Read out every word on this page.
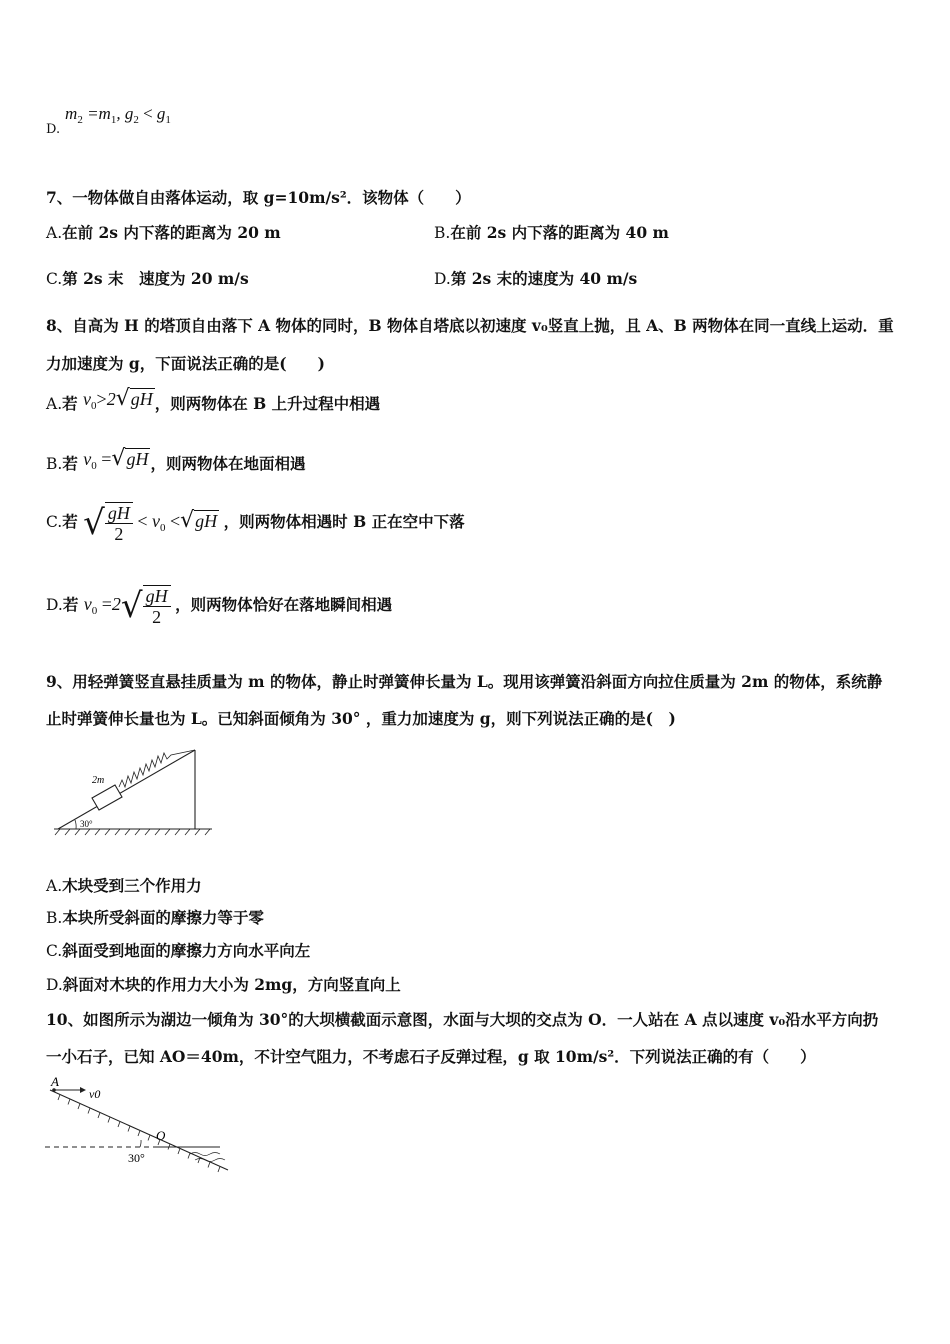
$_{D.}$ $m_2 =m_1$, $g_2 < g_1$
7、一物体做自由落体运动，取 g=10m/s²．该物体（　　）
A.在前 2s 内下落的距离为 20 m	B.在前 2s 内下落的距离为 40 m
C.第 2s 末　速度为 20 m/s	D.第 2s 末的速度为 40 m/s
8、自高为 H 的塔顶自由落下 A 物体的同时，B 物体自塔底以初速度 v₀竖直上抛，且 A、B 两物体在同一直线上运动．重
力加速度为 g，下面说法正确的是(　　)
A.若 $v_0>2√gH$ ，则两物体在 B 上升过程中相遇
B.若 $v_0 =√gH$ ，则两物体在地面相遇
C.若 √ $\frac{gH}{2} < v_0 <√gH$ ，则两物体相遇时 B 正在空中下落
D.若 $v_0 =2√ \frac{gH}{2}$ ，则两物体恰好在落地瞬间相遇
9、用轻弹簧竖直悬挂质量为 m 的物体，静止时弹簧伸长量为 L。现用该弹簧沿斜面方向拉住质量为 2m 的物体，系统静
止时弹簧伸长量也为 L。已知斜面倾角为 30° ，重力加速度为 g，则下列说法正确的是(　)
2m
30°
A.木块受到三个作用力
B.本块所受斜面的摩擦力等于零
C.斜面受到地面的摩擦力方向水平向左
D.斜面对木块的作用力大小为 2mg，方向竖直向上
10、如图所示为湖边一倾角为 30°的大坝横截面示意图，水面与大坝的交点为 O．一人站在 A 点以速度 v₀沿水平方向扔
一小石子，已知 AO＝40m，不计空气阻力，不考虑石子反弹过程，g 取 10m/s²．下列说法正确的有（　　）
A
v0
O
30°
